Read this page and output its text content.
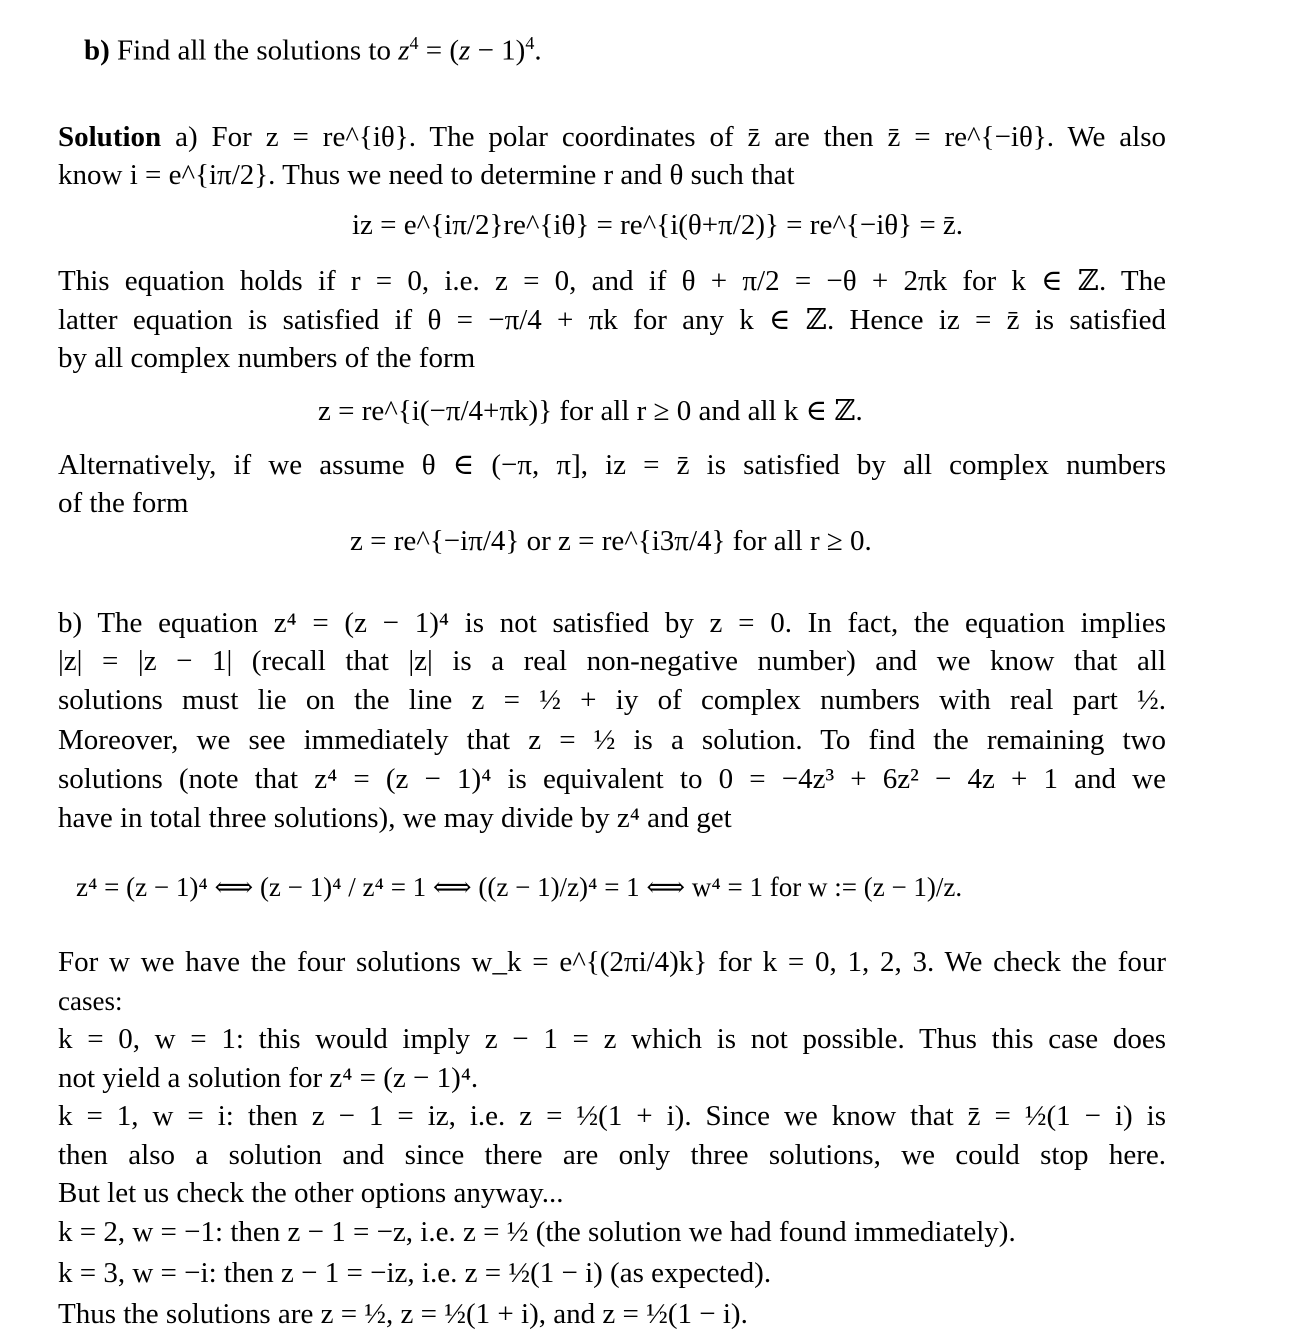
b) Find all the solutions to $z^4 = (z - 1)^4$.
Solution a) For z = re^{iθ}. The polar coordinates of z̄ are then z̄ = re^{−iθ}. We also
know i = e^{iπ/2}. Thus we need to determine r and θ such that
iz = e^{iπ/2}re^{iθ} = re^{i(θ+π/2)} = re^{−iθ} = z̄.
This equation holds if r = 0, i.e. z = 0, and if θ + π/2 = −θ + 2πk for k ∈ ℤ. The
latter equation is satisfied if θ = −π/4 + πk for any k ∈ ℤ. Hence iz = z̄ is satisfied
by all complex numbers of the form
z = re^{i(−π/4+πk)} for all r ≥ 0 and all k ∈ ℤ.
Alternatively, if we assume θ ∈ (−π, π], iz = z̄ is satisfied by all complex numbers
of the form
z = re^{−iπ/4} or z = re^{i3π/4} for all r ≥ 0.
b) The equation z⁴ = (z − 1)⁴ is not satisfied by z = 0. In fact, the equation implies
|z| = |z − 1| (recall that |z| is a real non-negative number) and we know that all
solutions must lie on the line z = ½ + iy of complex numbers with real part ½.
Moreover, we see immediately that z = ½ is a solution. To find the remaining two
solutions (note that z⁴ = (z − 1)⁴ is equivalent to 0 = −4z³ + 6z² − 4z + 1 and we
have in total three solutions), we may divide by z⁴ and get
z⁴ = (z − 1)⁴ ⟺ (z − 1)⁴ / z⁴ = 1 ⟺ ((z − 1)/z)⁴ = 1 ⟺ w⁴ = 1 for w := (z − 1)/z.
For w we have the four solutions w_k = e^{(2πi/4)k} for k = 0, 1, 2, 3. We check the four
cases:
k = 0, w = 1: this would imply z − 1 = z which is not possible. Thus this case does
not yield a solution for z⁴ = (z − 1)⁴.
k = 1, w = i: then z − 1 = iz, i.e. z = ½(1 + i). Since we know that z̄ = ½(1 − i) is
then also a solution and since there are only three solutions, we could stop here.
But let us check the other options anyway...
k = 2, w = −1: then z − 1 = −z, i.e. z = ½ (the solution we had found immediately).
k = 3, w = −i: then z − 1 = −iz, i.e. z = ½(1 − i) (as expected).
Thus the solutions are z = ½, z = ½(1 + i), and z = ½(1 − i).
